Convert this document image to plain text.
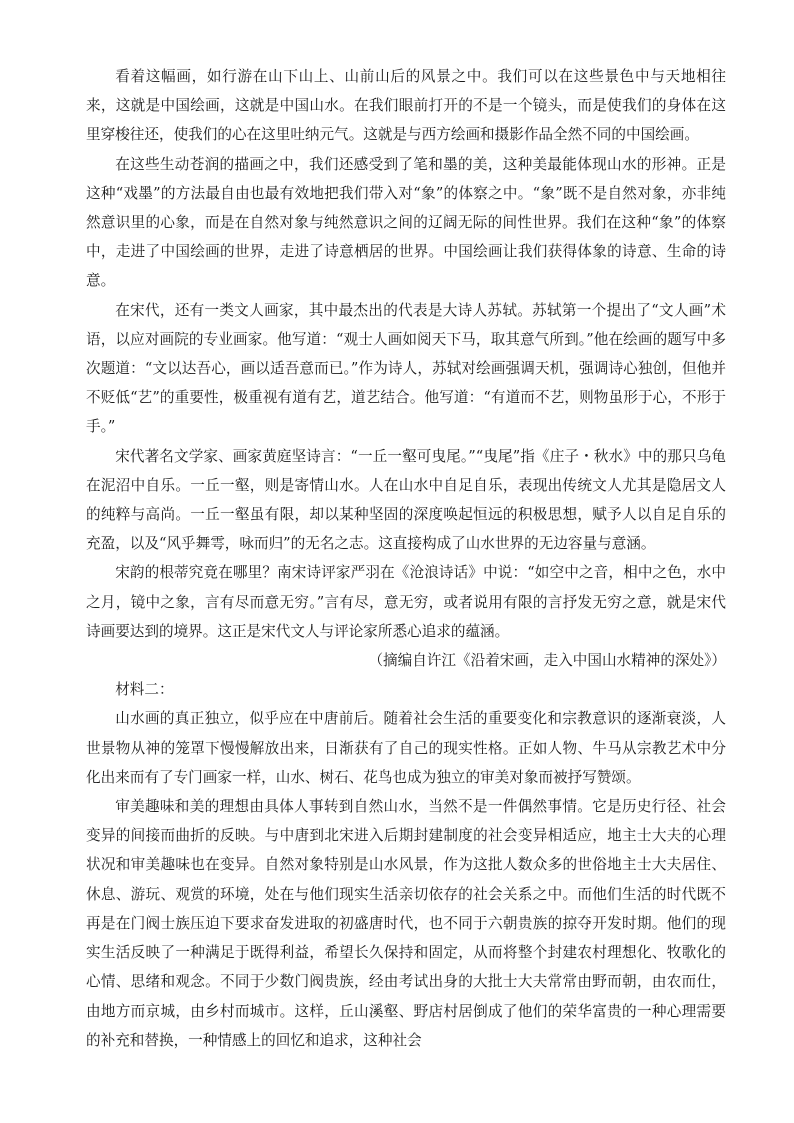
看着这幅画，如行游在山下山上、山前山后的风景之中。我们可以在这些景色中与天地相往来，这就是中国绘画，这就是中国山水。在我们眼前打开的不是一个镜头，而是使我们的身体在这里穿梭往还，使我们的心在这里吐纳元气。这就是与西方绘画和摄影作品全然不同的中国绘画。

在这些生动苍润的描画之中，我们还感受到了笔和墨的美，这种美最能体现山水的形神。正是这种“戏墨”的方法最自由也最有效地把我们带入对“象”的体察之中。“象”既不是自然对象，亦非纯然意识里的心象，而是在自然对象与纯然意识之间的辽阔无际的间性世界。我们在这种“象”的体察中，走进了中国绘画的世界，走进了诗意栖居的世界。中国绘画让我们获得体象的诗意、生命的诗意。

在宋代，还有一类文人画家，其中最杰出的代表是大诗人苏轼。苏轼第一个提出了“文人画”术语，以应对画院的专业画家。他写道：“观士人画如阅天下马，取其意气所到。”他在绘画的题写中多次题道：“文以达吾心，画以适吾意而已。”作为诗人，苏轼对绘画强调天机，强调诗心独创，但他并不贬低“艺”的重要性，极重视有道有艺，道艺结合。他写道：“有道而不艺，则物虽形于心，不形于手。”

宋代著名文学家、画家黄庭坚诗言：“一丘一壑可曳尾。”“曳尾”指《庄子・秋水》中的那只乌龟在泥沼中自乐。一丘一壑，则是寄情山水。人在山水中自足自乐，表现出传统文人尤其是隐居文人的纯粹与高尚。一丘一壑虽有限，却以某种坚固的深度唤起恒远的积极思想，赋予人以自足自乐的充盈，以及“风乎舞雩，咏而归”的无名之志。这直接构成了山水世界的无边容量与意涵。

宋韵的根蒂究竟在哪里？南宋诗评家严羽在《沧浪诗话》中说：“如空中之音，相中之色，水中之月，镜中之象，言有尽而意无穷。”言有尽，意无穷，或者说用有限的言抒发无穷之意，就是宋代诗画要达到的境界。这正是宋代文人与评论家所悉心追求的蕴涵。

（摘编自许江《沿着宋画，走入中国山水精神的深处》）

材料二：

山水画的真正独立，似乎应在中唐前后。随着社会生活的重要变化和宗教意识的逐渐衰淡，人世景物从神的笼罩下慢慢解放出来，日渐获有了自己的现实性格。正如人物、牛马从宗教艺术中分化出来而有了专门画家一样，山水、树石、花鸟也成为独立的审美对象而被抒写赞颂。

审美趣味和美的理想由具体人事转到自然山水，当然不是一件偶然事情。它是历史行径、社会变异的间接而曲折的反映。与中唐到北宋进入后期封建制度的社会变异相适应，地主士大夫的心理状况和审美趣味也在变异。自然对象特别是山水风景，作为这批人数众多的世俗地主士大夫居住、休息、游玩、观赏的环境，处在与他们现实生活亲切依存的社会关系之中。而他们生活的时代既不再是在门阀士族压迫下要求奋发进取的初盛唐时代，也不同于六朝贵族的掠夺开发时期。他们的现实生活反映了一种满足于既得利益，希望长久保持和固定，从而将整个封建农村理想化、牧歌化的心情、思绪和观念。不同于少数门阀贵族，经由考试出身的大批士大夫常常由野而朝，由农而仕，由地方而京城，由乡村而城市。这样，丘山溪壑、野店村居倒成了他们的荣华富贵的一种心理需要的补充和替换，一种情感上的回忆和追求，这种社会
